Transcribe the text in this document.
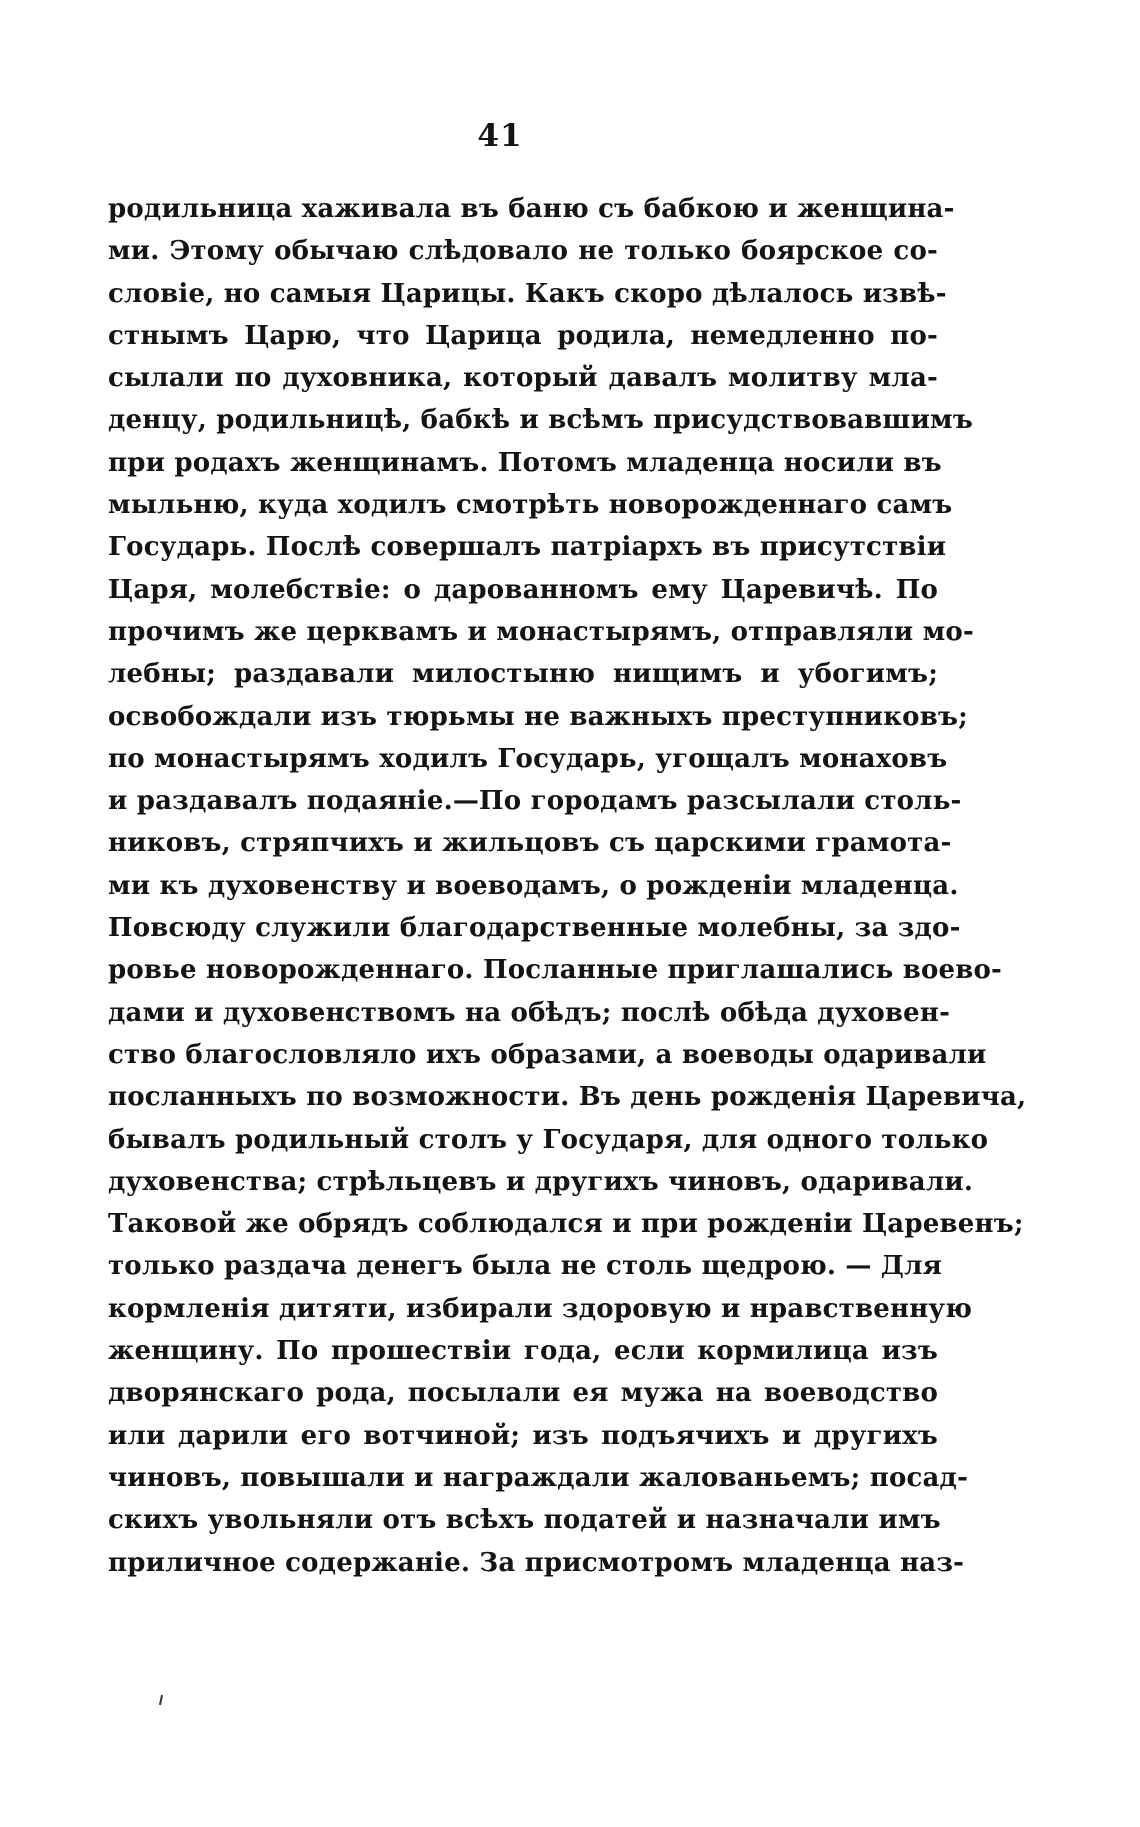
41
родильница хаживала въ баню съ бабкою и женщина-
ми. Этому обычаю слѣдовало не только боярское со-
словіе, но самыя Царицы. Какъ скоро дѣлалось извѣ-
стнымъ Царю, что Царица родила, немедленно по-
сылали по духовника, который давалъ молитву мла-
денцу, родильницѣ, бабкѣ и всѣмъ присудствовавшимъ
при родахъ женщинамъ. Потомъ младенца носили въ
мыльню, куда ходилъ смотрѣть новорожденнаго самъ
Государь. Послѣ совершалъ патріархъ въ присутствіи
Царя, молебствіе: о дарованномъ ему Царевичѣ. По
прочимъ же церквамъ и монастырямъ, отправляли мо-
лебны; раздавали милостыню нищимъ и убогимъ;
освобождали изъ тюрьмы не важныхъ преступниковъ;
по монастырямъ ходилъ Государь, угощалъ монаховъ
и раздавалъ подаяніе.—По городамъ разсылали столь-
никовъ, стряпчихъ и жильцовъ съ царскими грамота-
ми къ духовенству и воеводамъ, о рожденіи младенца.
Повсюду служили благодарственные молебны, за здо-
ровье новорожденнаго. Посланные приглашались воево-
дами и духовенствомъ на обѣдъ; послѣ обѣда духовен-
ство благословляло ихъ образами, а воеводы одаривали
посланныхъ по возможности. Въ день рожденія Царевича,
бывалъ родильный столъ у Государя, для одного только
духовенства; стрѣльцевъ и другихъ чиновъ, одаривали.
Таковой же обрядъ соблюдался и при рожденіи Царевенъ;
только раздача денегъ была не столь щедрою. — Для
кормленія дитяти, избирали здоровую и нравственную
женщину. По прошествіи года, если кормилица изъ
дворянскаго рода, посылали ея мужа на воеводство
или дарили его вотчиной; изъ подъячихъ и другихъ
чиновъ, повышали и награждали жалованьемъ; посад-
скихъ увольняли отъ всѣхъ податей и назначали имъ
приличное содержаніе. За присмотромъ младенца наз-
